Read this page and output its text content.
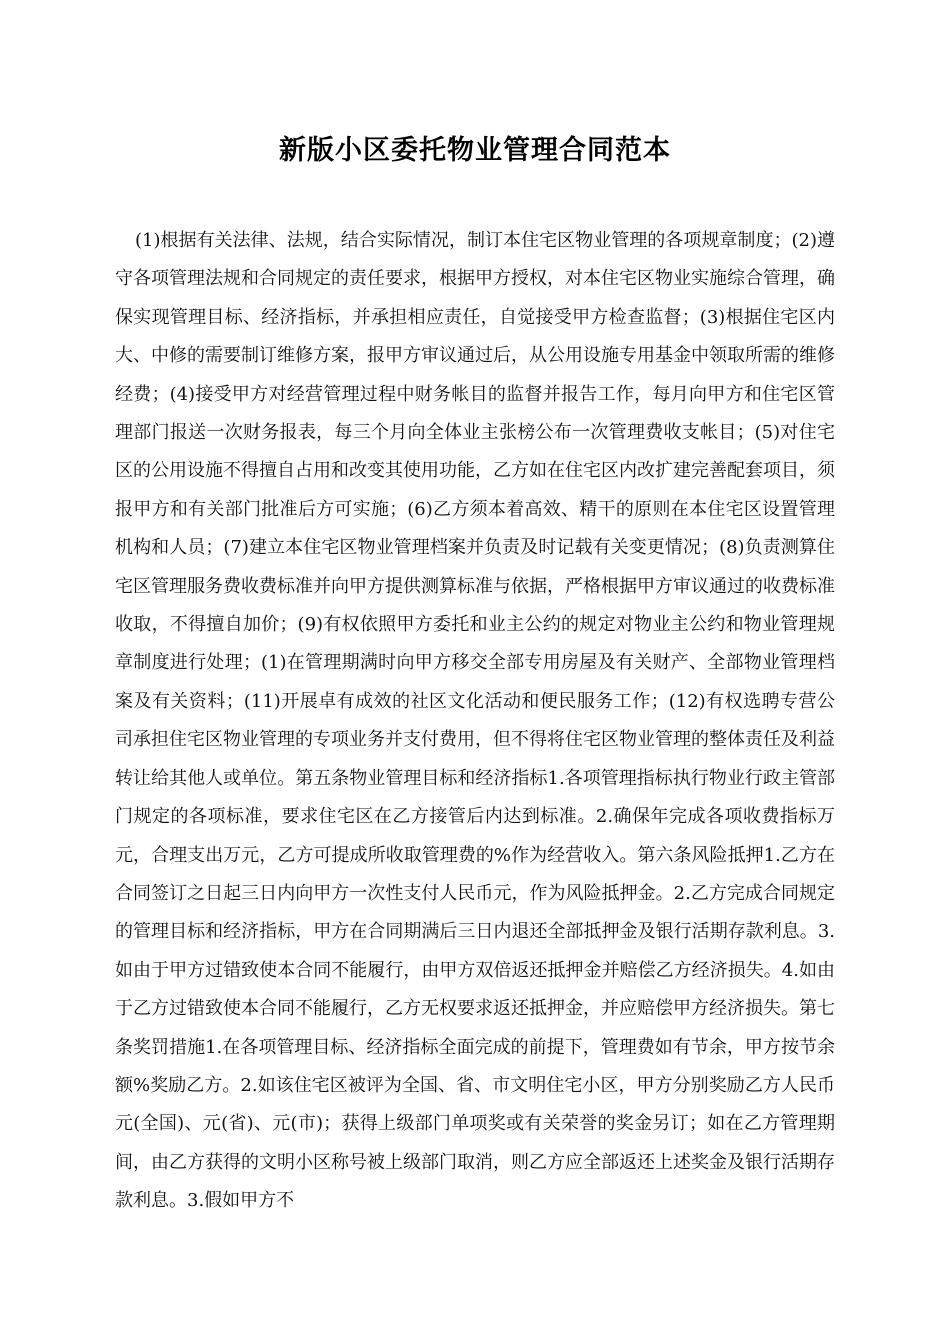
新版小区委托物业管理合同范本

(1)根据有关法律、法规，结合实际情况，制订本住宅区物业管理的各项规章制度；(2)遵守各项管理法规和合同规定的责任要求，根据甲方授权，对本住宅区物业实施综合管理，确保实现管理目标、经济指标，并承担相应责任，自觉接受甲方检查监督；(3)根据住宅区内大、中修的需要制订维修方案，报甲方审议通过后，从公用设施专用基金中领取所需的维修经费；(4)接受甲方对经营管理过程中财务帐目的监督并报告工作，每月向甲方和住宅区管理部门报送一次财务报表，每三个月向全体业主张榜公布一次管理费收支帐目；(5)对住宅区的公用设施不得擅自占用和改变其使用功能，乙方如在住宅区内改扩建完善配套项目，须报甲方和有关部门批准后方可实施；(6)乙方须本着高效、精干的原则在本住宅区设置管理机构和人员；(7)建立本住宅区物业管理档案并负责及时记载有关变更情况；(8)负责测算住宅区管理服务费收费标准并向甲方提供测算标准与依据，严格根据甲方审议通过的收费标准收取，不得擅自加价；(9)有权依照甲方委托和业主公约的规定对物业主公约和物业管理规章制度进行处理；(1)在管理期满时向甲方移交全部专用房屋及有关财产、全部物业管理档案及有关资料；(11)开展卓有成效的社区文化活动和便民服务工作；(12)有权选聘专营公司承担住宅区物业管理的专项业务并支付费用，但不得将住宅区物业管理的整体责任及利益转让给其他人或单位。第五条物业管理目标和经济指标1.各项管理指标执行物业行政主管部门规定的各项标准，要求住宅区在乙方接管后内达到标准。2.确保年完成各项收费指标万元，合理支出万元，乙方可提成所收取管理费的%作为经营收入。第六条风险抵押1.乙方在合同签订之日起三日内向甲方一次性支付人民币元，作为风险抵押金。2.乙方完成合同规定的管理目标和经济指标，甲方在合同期满后三日内退还全部抵押金及银行活期存款利息。3.如由于甲方过错致使本合同不能履行，由甲方双倍返还抵押金并赔偿乙方经济损失。4.如由于乙方过错致使本合同不能履行，乙方无权要求返还抵押金，并应赔偿甲方经济损失。第七条奖罚措施1.在各项管理目标、经济指标全面完成的前提下，管理费如有节余，甲方按节余额%奖励乙方。2.如该住宅区被评为全国、省、市文明住宅小区，甲方分别奖励乙方人民币元(全国)、元(省)、元(市)；获得上级部门单项奖或有关荣誉的奖金另订；如在乙方管理期间，由乙方获得的文明小区称号被上级部门取消，则乙方应全部返还上述奖金及银行活期存款利息。3.假如甲方不
